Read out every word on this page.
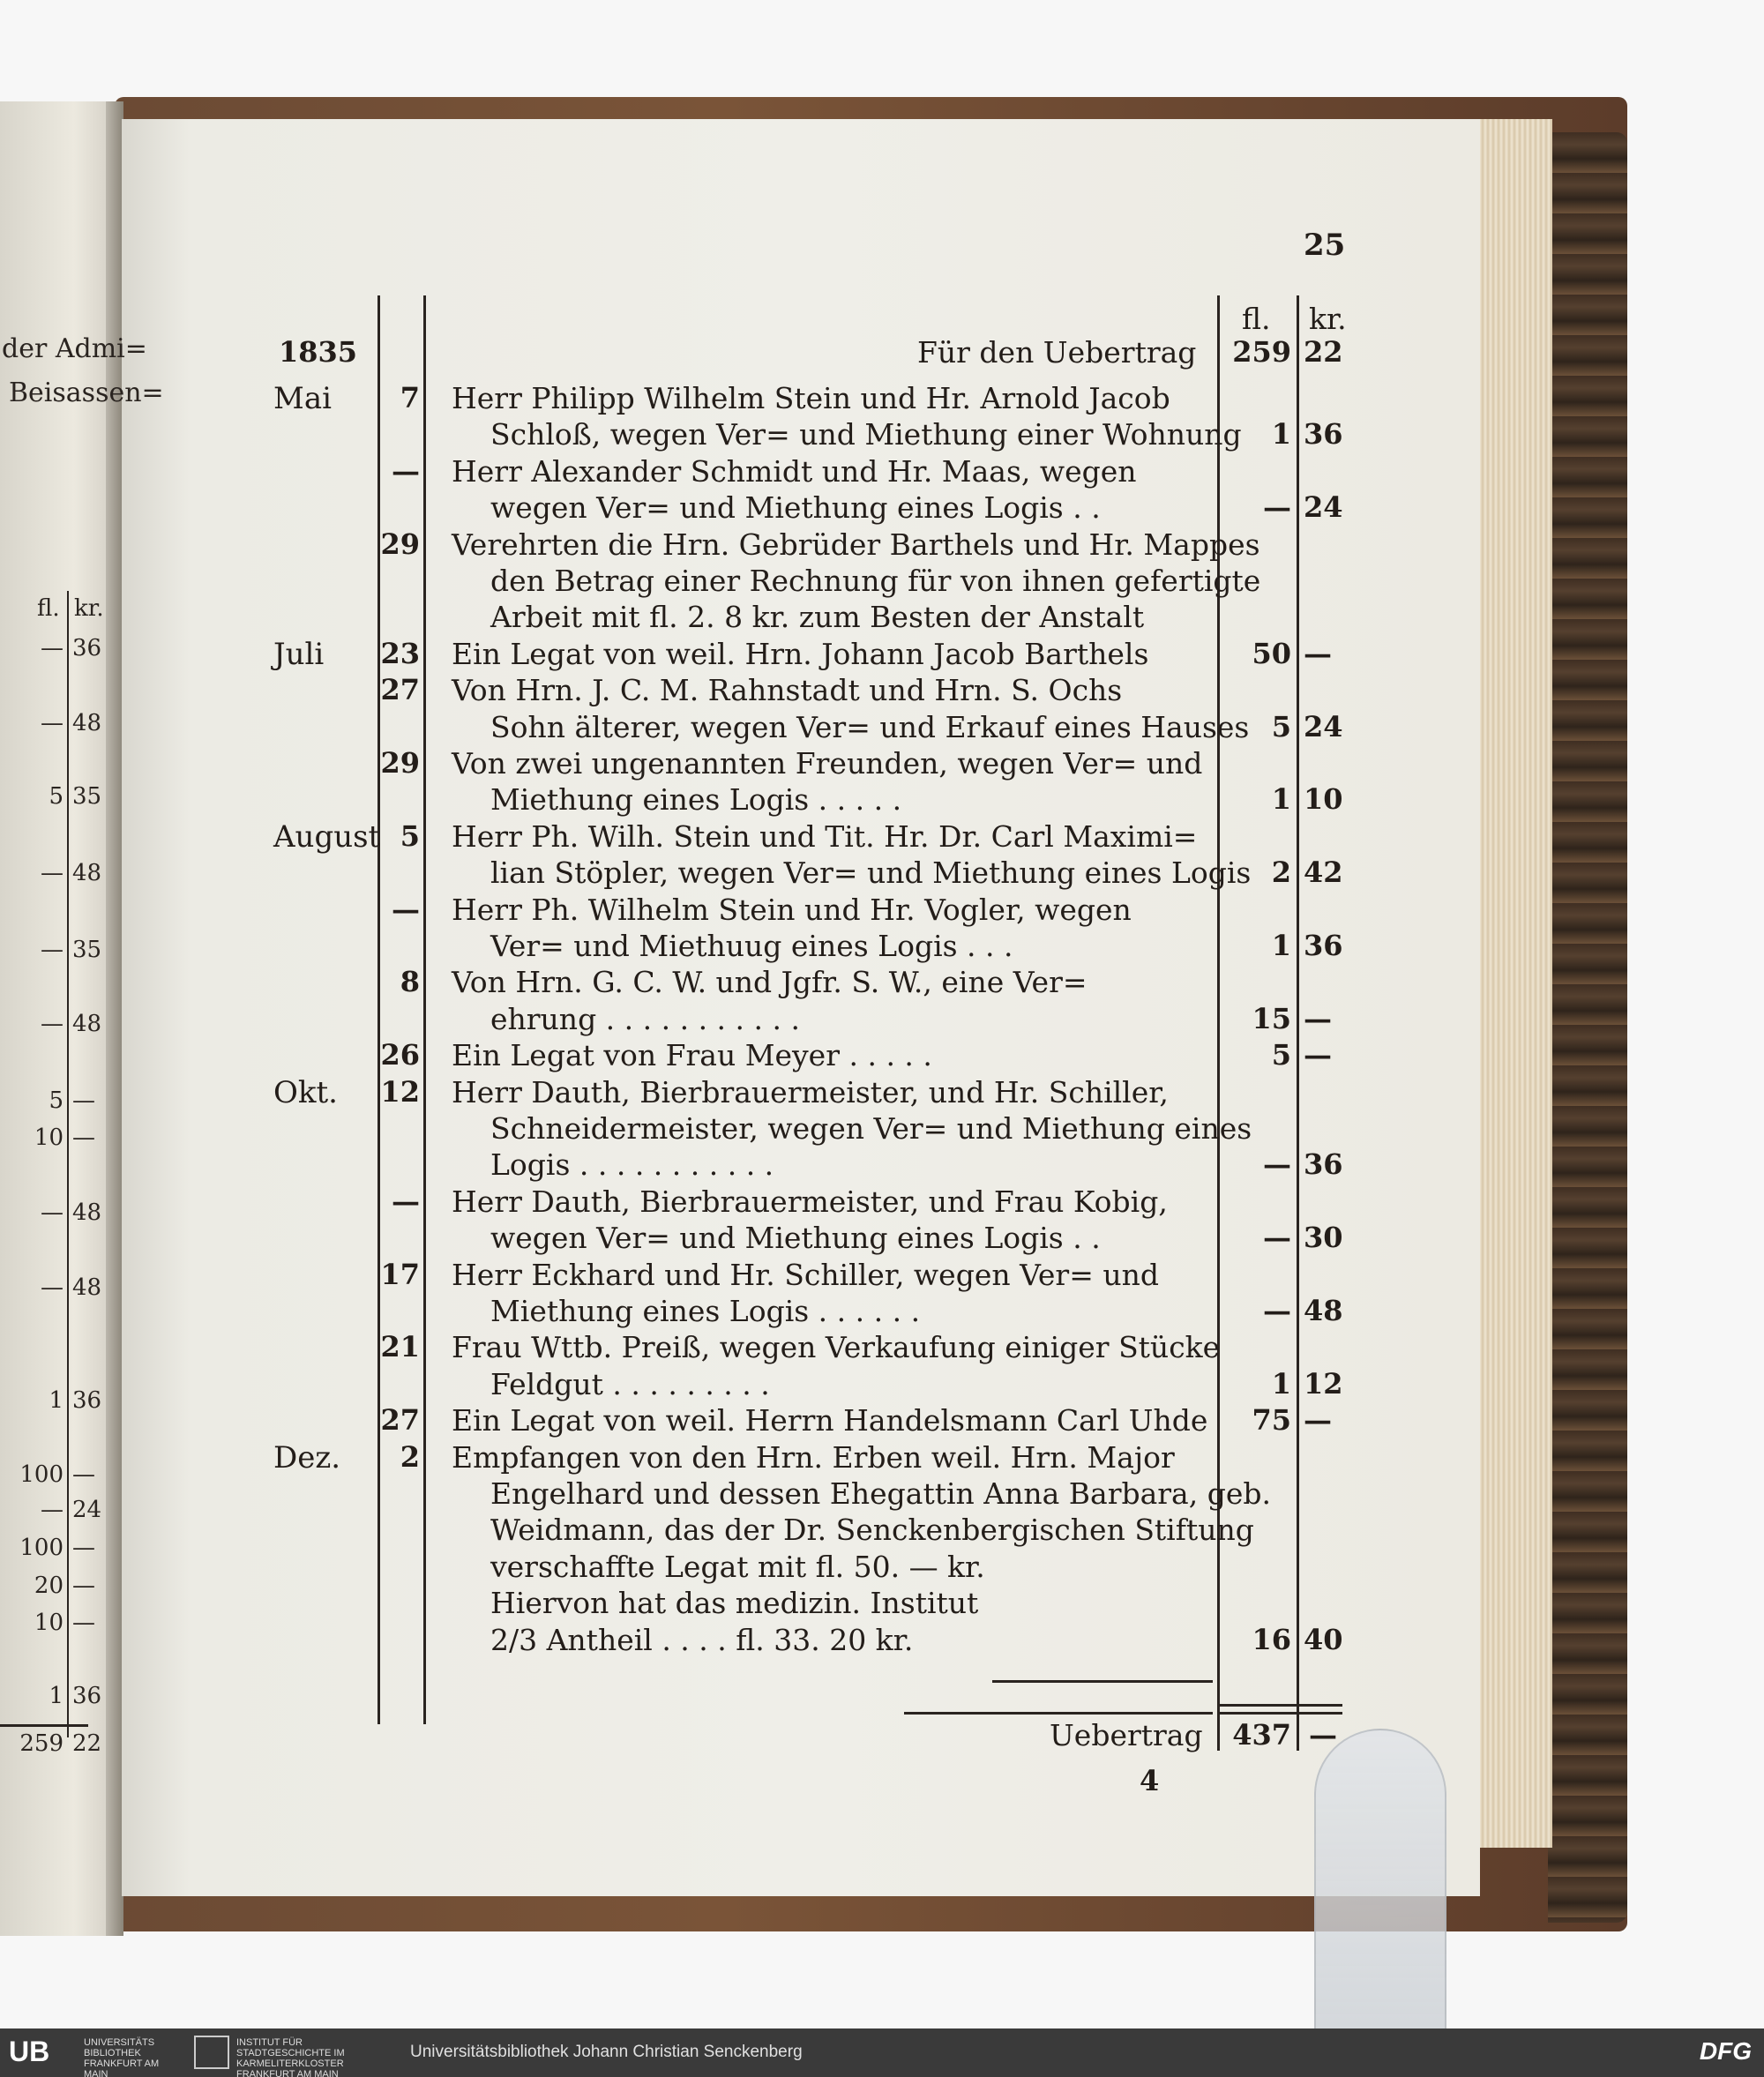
der Admi=
Beisassen=
fl. kr.
— 36
— 48
5 35
— 48
— 35
— 48
5 —
10 —
— 48
— 48
1 36
100 —
— 24
100 —
20 —
10 —
1 36
259 22
25
fl. kr.
1835	Für den Uebertrag	259 22
Mai	7 Herr Philipp Wilhelm Stein und Hr. Arnold Jacob
Schloß, wegen Ver= und Miethung einer Wohnung	1 36
— Herr Alexander Schmidt und Hr. Maas, wegen
wegen Ver= und Miethung eines Logis . .	— 24
29 Verehrten die Hrn. Gebrüder Barthels und Hr. Mappes
den Betrag einer Rechnung für von ihnen gefertigte
Arbeit mit fl. 2. 8 kr. zum Besten der Anstalt
Juli 23 Ein Legat von weil. Hrn. Johann Jacob Barthels	50 —
27 Von Hrn. J. C. M. Rahnstadt und Hrn. S. Ochs
Sohn älterer, wegen Ver= und Erkauf eines Hauses 5 24
29 Von zwei ungenannten Freunden, wegen Ver= und
Miethung eines Logis . . . . .	1 10
August 5 Herr Ph. Wilh. Stein und Tit. Hr. Dr. Carl Maximi=
lian Stöpler, wegen Ver= und Miethung eines Logis 2 42
— Herr Ph. Wilhelm Stein und Hr. Vogler, wegen
Ver= und Miethuug eines Logis . . .	1 36
8 Von Hrn. G. C. W. und Jgfr. S. W., eine Ver=
ehrung . . . . . . . . . . .	15 —
26 Ein Legat von Frau Meyer . . . . .	5 —
Okt. 12 Herr Dauth, Bierbrauermeister, und Hr. Schiller,
Schneidermeister, wegen Ver= und Miethung eines
Logis . . . . . . . . . . .	— 36
— Herr Dauth, Bierbrauermeister, und Frau Kobig,
wegen Ver= und Miethung eines Logis . .	— 30
17 Herr Eckhard und Hr. Schiller, wegen Ver= und
Miethung eines Logis . . . . . .	— 48
21 Frau Wttb. Preiß, wegen Verkaufung einiger Stücke
Feldgut . . . . . . . . .	1 12
27 Ein Legat von weil. Herrn Handelsmann Carl Uhde	75 —
Dez.	2 Empfangen von den Hrn. Erben weil. Hrn. Major
Engelhard und dessen Ehegattin Anna Barbara, geb.
Weidmann, das der Dr. Senckenbergischen Stiftung
verschaffte Legat mit fl. 50. — kr.
Hiervon hat das medizin. Institut
2/3 Antheil . . . . fl. 33. 20 kr.	16 40
Uebertrag	437 —
4
UB	UNIVERSITÄTS BIBLIOTHEK FRANKFURT AM MAIN
INSTITUT FÜR STADTGESCHICHTE IM KARMELITERKLOSTER FRANKFURT AM MAIN
Universitätsbibliothek Johann Christian Senckenberg	DFG
